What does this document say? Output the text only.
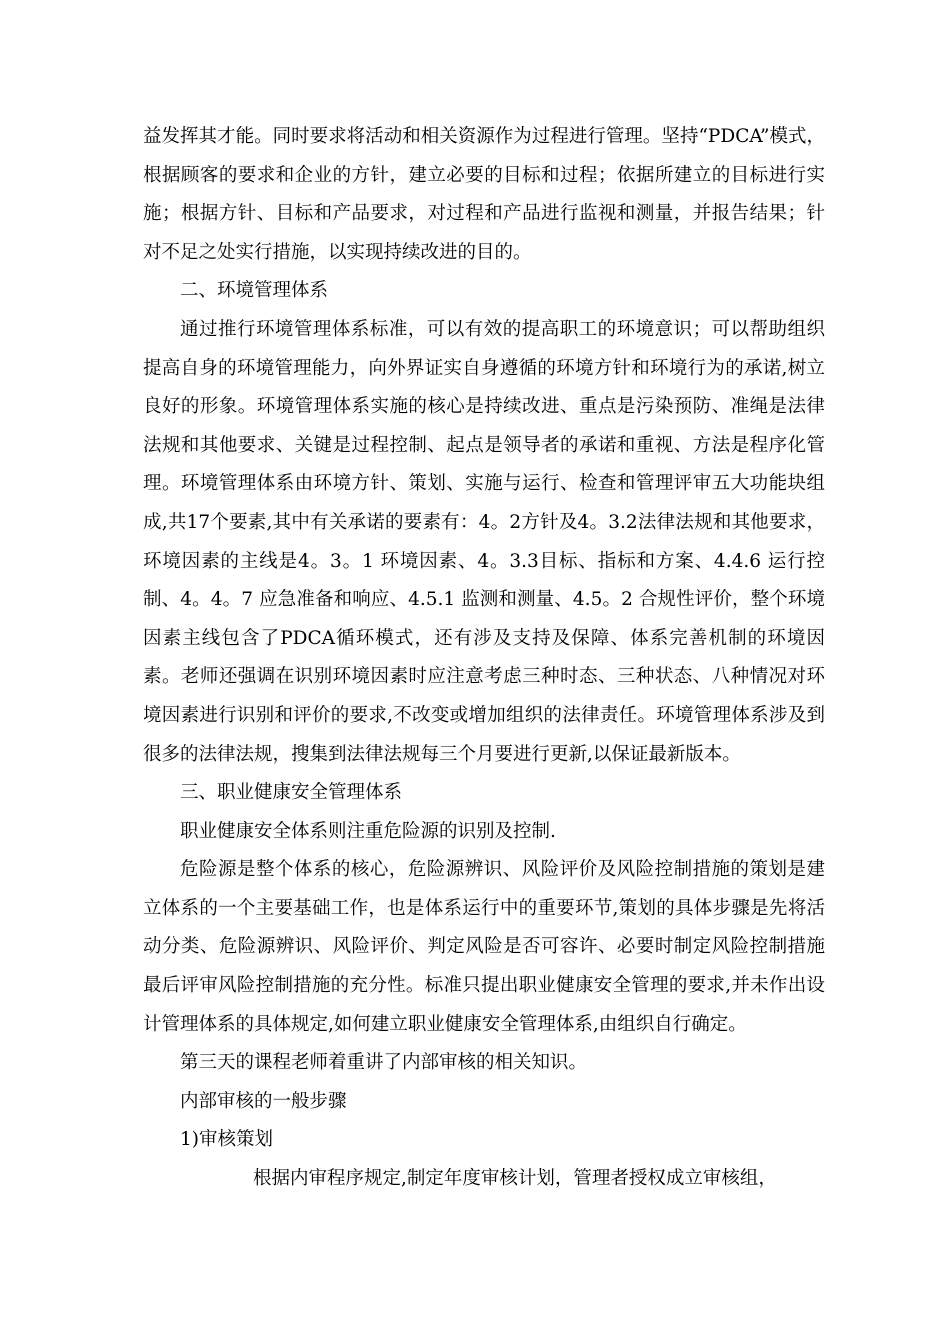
益发挥其才能。同时要求将活动和相关资源作为过程进行管理。坚持“PDCA”模式，根据顾客的要求和企业的方针，建立必要的目标和过程；依据所建立的目标进行实施；根据方针、目标和产品要求，对过程和产品进行监视和测量，并报告结果；针对不足之处实行措施，以实现持续改进的目的。

二、环境管理体系

通过推行环境管理体系标准，可以有效的提高职工的环境意识；可以帮助组织提高自身的环境管理能力，向外界证实自身遵循的环境方针和环境行为的承诺,树立良好的形象。环境管理体系实施的核心是持续改进、重点是污染预防、准绳是法律法规和其他要求、关键是过程控制、起点是领导者的承诺和重视、方法是程序化管理。环境管理体系由环境方针、策划、实施与运行、检查和管理评审五大功能块组成,共17个要素,其中有关承诺的要素有：4。2方针及4。3.2法律法规和其他要求，环境因素的主线是4。3。1 环境因素、4。3.3目标、指标和方案、4.4.6 运行控制、4。4。7 应急准备和响应、4.5.1 监测和测量、4.5。2 合规性评价，整个环境因素主线包含了PDCA循环模式，还有涉及支持及保障、体系完善机制的环境因素。老师还强调在识别环境因素时应注意考虑三种时态、三种状态、八种情况对环境因素进行识别和评价的要求,不改变或增加组织的法律责任。环境管理体系涉及到很多的法律法规，搜集到法律法规每三个月要进行更新,以保证最新版本。

三、职业健康安全管理体系

职业健康安全体系则注重危险源的识别及控制.

危险源是整个体系的核心，危险源辨识、风险评价及风险控制措施的策划是建立体系的一个主要基础工作，也是体系运行中的重要环节,策划的具体步骤是先将活动分类、危险源辨识、风险评价、判定风险是否可容许、必要时制定风险控制措施最后评审风险控制措施的充分性。标准只提出职业健康安全管理的要求,并未作出设计管理体系的具体规定,如何建立职业健康安全管理体系,由组织自行确定。

第三天的课程老师着重讲了内部审核的相关知识。

内部审核的一般步骤

1)审核策划

根据内审程序规定,制定年度审核计划，管理者授权成立审核组，
